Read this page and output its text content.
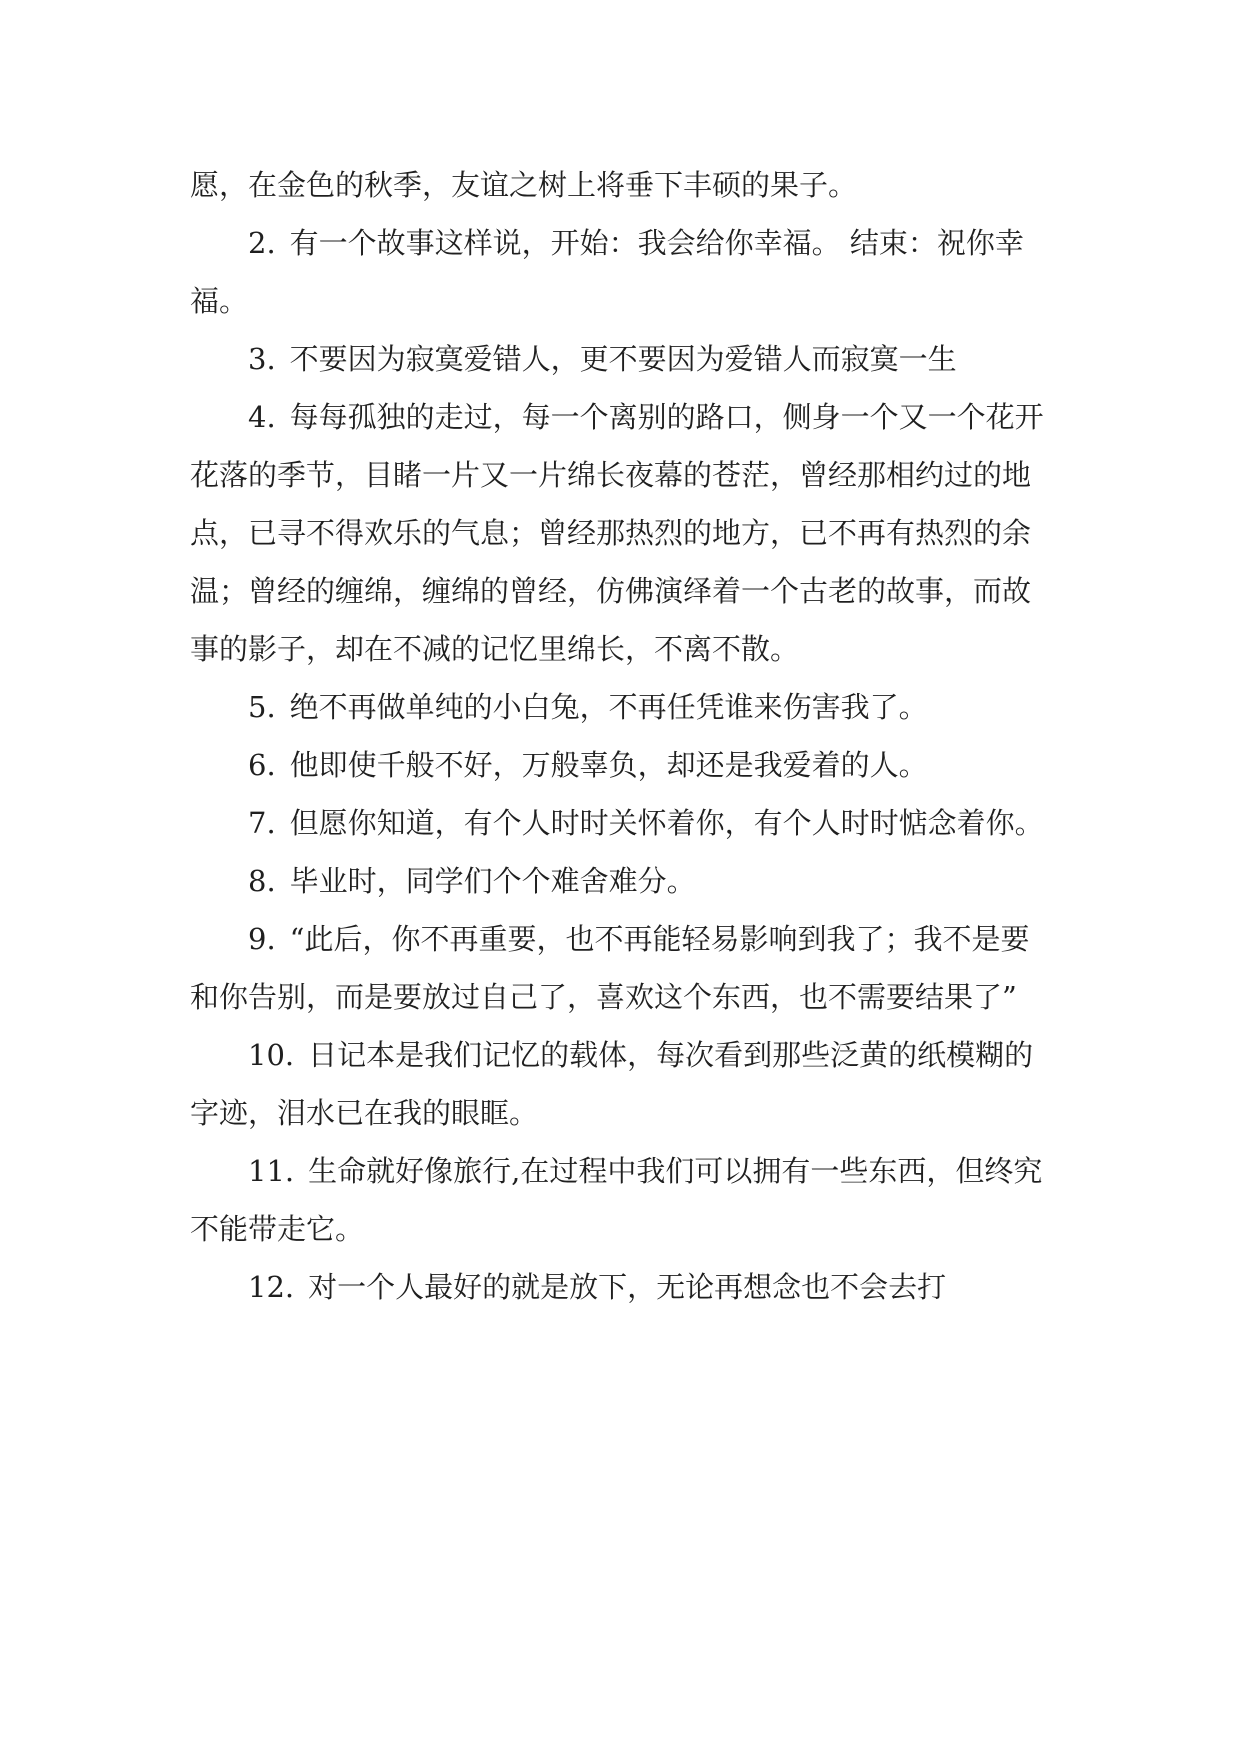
愿，在金色的秋季，友谊之树上将垂下丰硕的果子。

2. 有一个故事这样说，开始：我会给你幸福。 结束：祝你幸福。

3. 不要因为寂寞爱错人，更不要因为爱错人而寂寞一生

4. 每每孤独的走过，每一个离别的路口，侧身一个又一个花开花落的季节，目睹一片又一片绵长夜幕的苍茫，曾经那相约过的地点，已寻不得欢乐的气息；曾经那热烈的地方，已不再有热烈的余温；曾经的缠绵，缠绵的曾经，仿佛演绎着一个古老的故事，而故事的影子，却在不减的记忆里绵长，不离不散。

5. 绝不再做单纯的小白兔，不再任凭谁来伤害我了。

6. 他即使千般不好，万般辜负，却还是我爱着的人。

7. 但愿你知道，有个人时时关怀着你，有个人时时惦念着你。

8. 毕业时，同学们个个难舍难分。

9. “此后，你不再重要，也不再能轻易影响到我了；我不是要和你告别，而是要放过自己了，喜欢这个东西，也不需要结果了”

10. 日记本是我们记忆的载体，每次看到那些泛黄的纸模糊的字迹，泪水已在我的眼眶。

11. 生命就好像旅行,在过程中我们可以拥有一些东西，但终究不能带走它。

12. 对一个人最好的就是放下，无论再想念也不会去打
